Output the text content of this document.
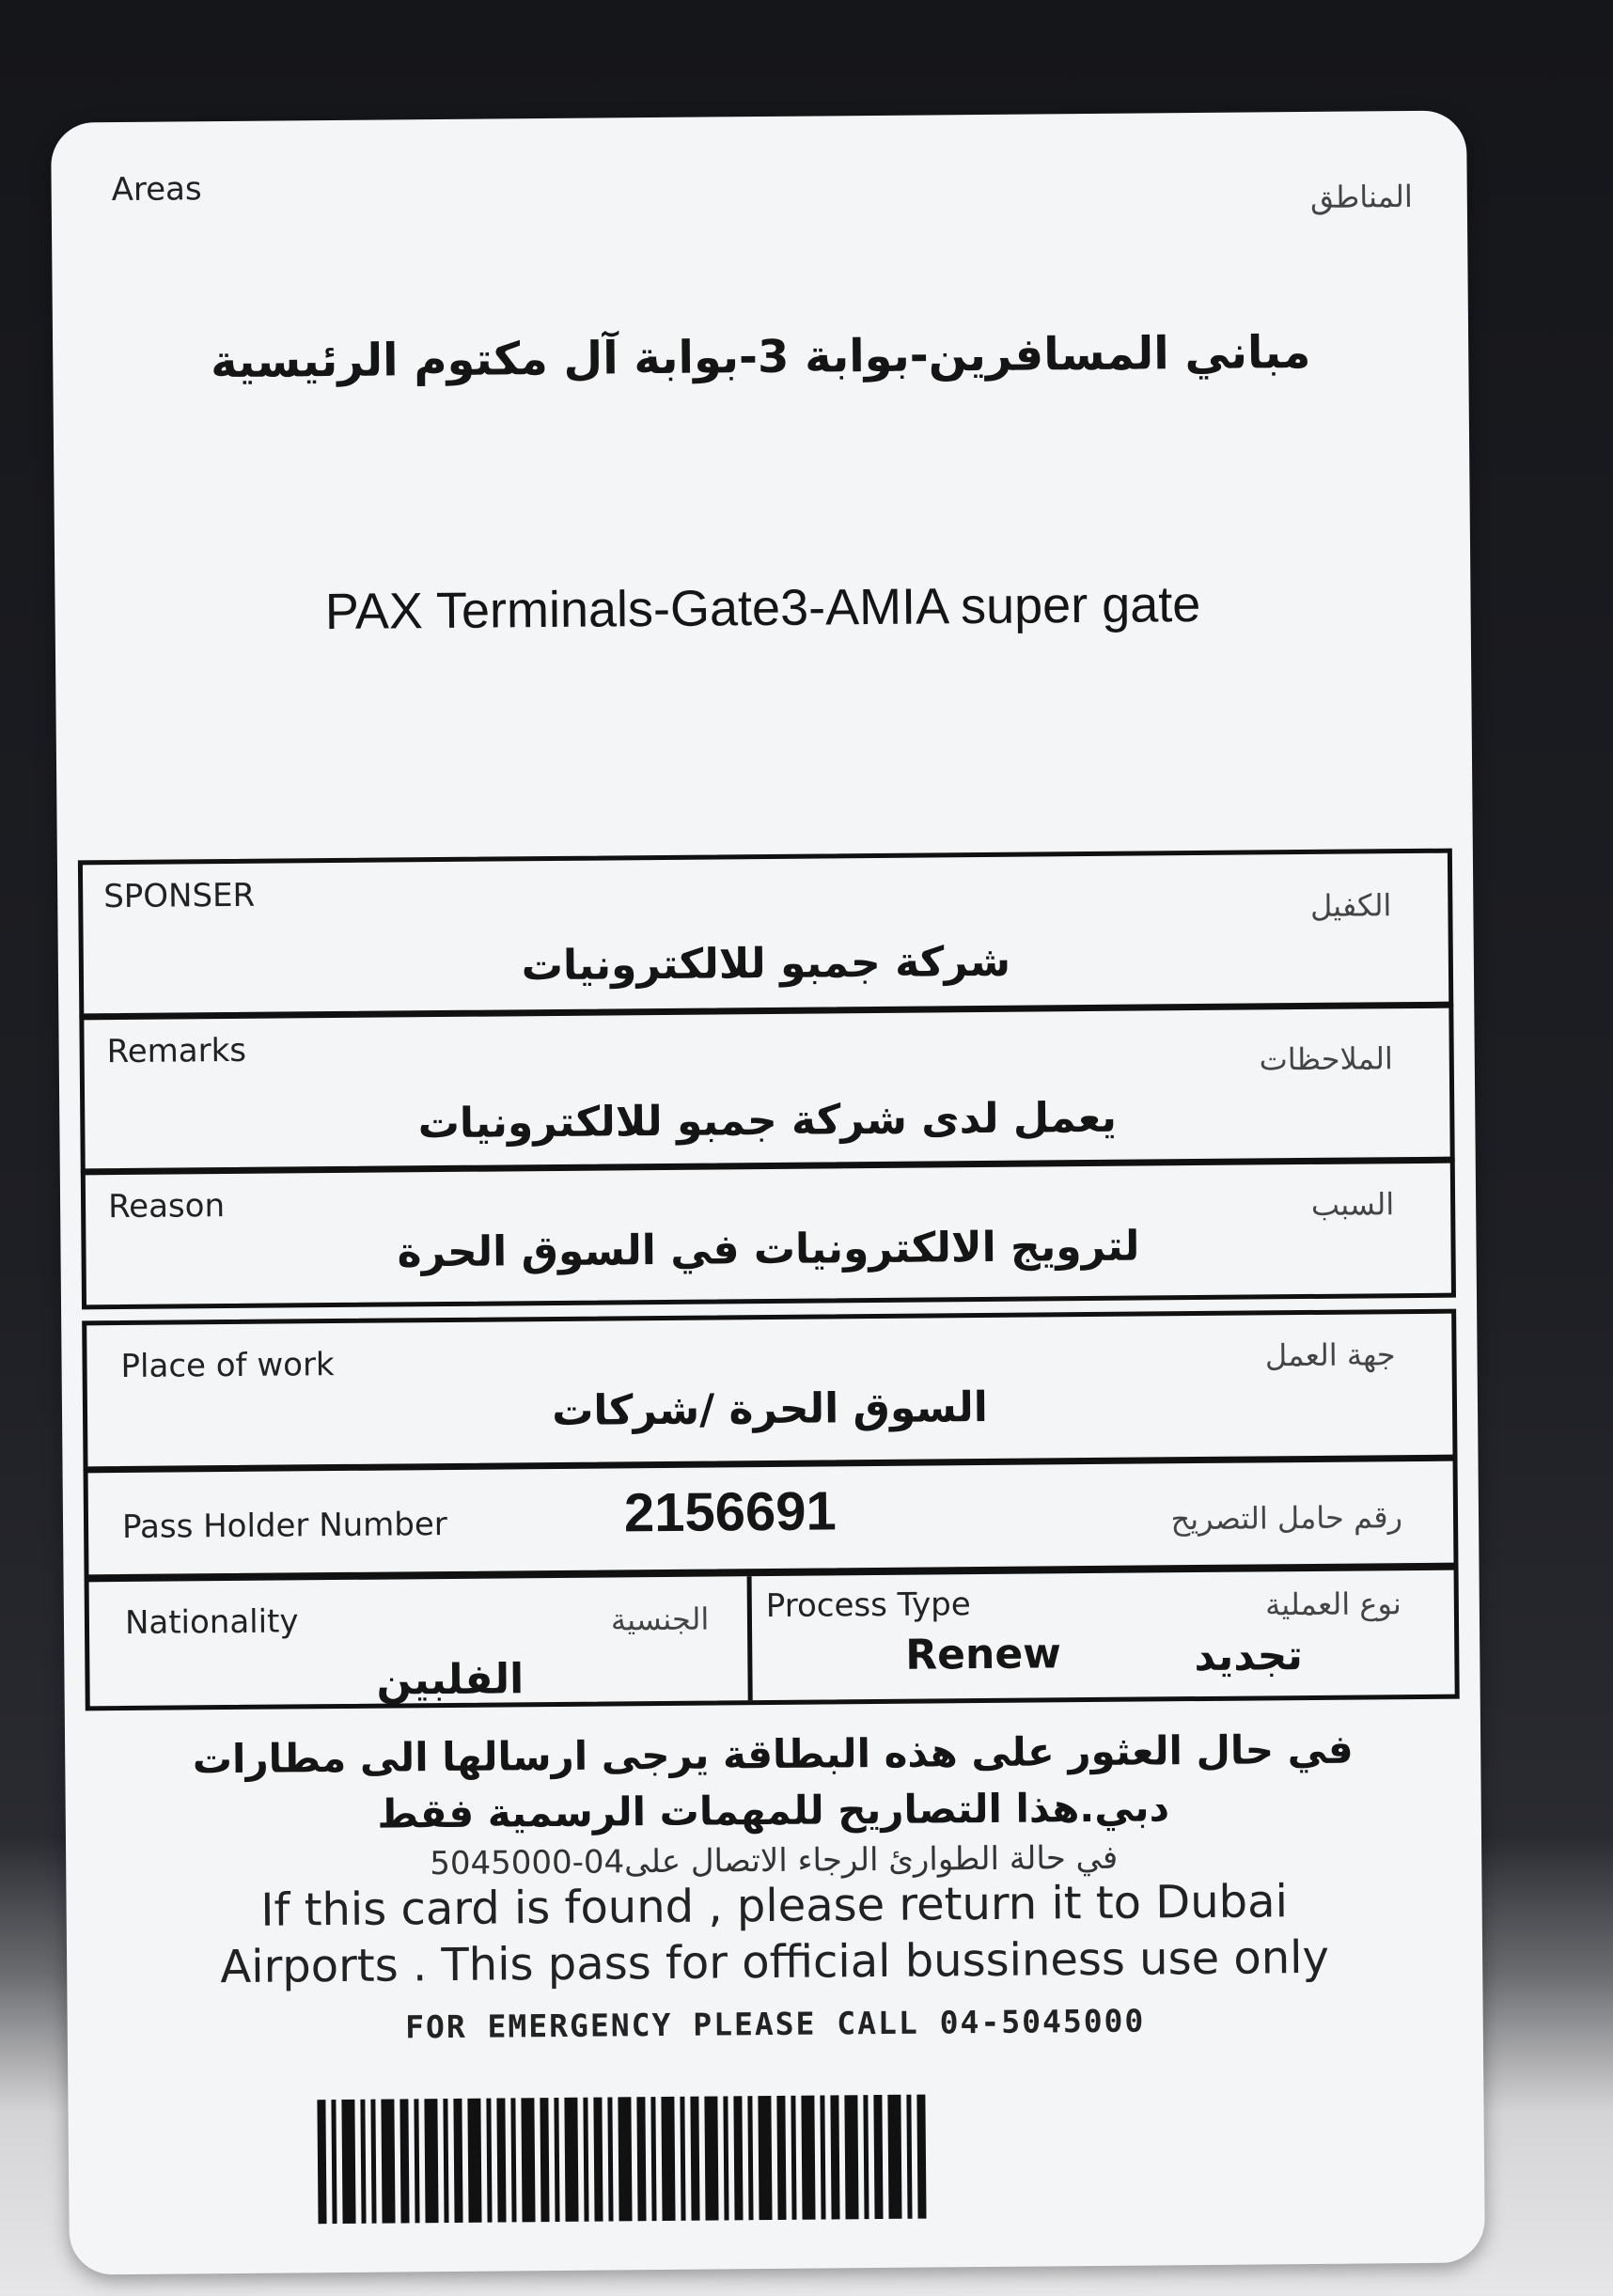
Areas	المناطق
مباني المسافرين-بوابة 3-بوابة آل مكتوم الرئيسية
PAX Terminals-Gate3-AMIA super gate
SPONSER	الكفيل
شركة جمبو للالكترونيات
Remarks	الملاحظات
يعمل لدى شركة جمبو للالكترونيات
Reason	السبب
لترويج الالكترونيات في السوق الحرة
Place of work	جهة العمل
السوق الحرة /شركات
Pass Holder Number	2156691	رقم حامل التصريح
Nationality	الجنسية
الفلبين
Process Type	نوع العملية
Renew	تجديد
في حال العثور على هذه البطاقة يرجى ارسالها الى مطارات
دبي.هذا التصاريح للمهمات الرسمية فقط
في حالة الطوارئ الرجاء الاتصال على04-5045000
If this card is found , please return it to Dubai
Airports . This pass for official bussiness use only
FOR EMERGENCY PLEASE CALL 04-5045000
